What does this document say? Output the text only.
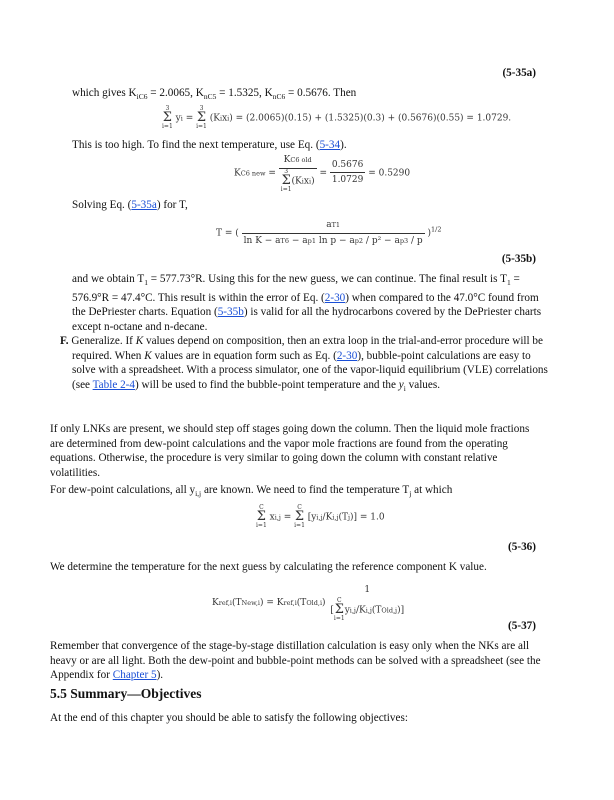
(5-35a)
which gives $K_{iC6} = 2.0065$, $K_{nC5} = 1.5325$, $K_{nC6} = 0.5676$. Then
3
Σ
i=1 yi = 3
Σ
i=1 (Kixi) = (2.0065)(0.15) + (1.5325)(0.3) + (0.5676)(0.55) = 1.0729.
This is too high. To find the next temperature, use Eq. (5-34).
KC6 new = KC6 old
3
Σ
i=1(Kixi) = $\frac{0.5676}{1.0729} = 0.5290$
Solving Eq. (5-35a) for T,
T = ( $\frac{aT1}{\text{ln K − aT6 − ap1 ln p − ap2 / p² − ap3 / p}} )^{1/2}$
(5-35b)
and we obtain $T_1 = 577.73^\circ R$. Using this for the new guess, we can continue. The final result is $T_1 = 576.9^\circ R = 47.4^\circ C$. This result is within the error of Eq. (2-30) when compared to the 47.0°C found from the DePriester charts. Equation (5-35b) is valid for all the hydrocarbons covered by the DePriester charts except n-octane and n-decane.
F. Generalize. If K values depend on composition, then an extra loop in the trial-and-error procedure will be required. When K values are in equation form such as Eq. (2-30), bubble-point calculations are easy to solve with a spreadsheet. With a process simulator, one of the vapor-liquid equilibrium (VLE) correlations (see Table 2-4) will be used to find the bubble-point temperature and the $y_i$ values.
If only LNKs are present, we should step off stages going down the column. Then the liquid mole fractions are determined from dew-point calculations and the vapor mole fractions are found from the operating equations. Otherwise, the procedure is very similar to going down the column with constant relative volatilities.
For dew-point calculations, all $y_{i,j}$ are known. We need to find the temperature $T_j$ at which
C
Σ
i=1 xi,j = C
Σ
i=1 [yi,j/Ki,j(Tj)] = 1.0
(5-36)
We determine the temperature for the next guess by calculating the reference component K value.
Kref,i(TNew,i) = Kref,i(TOld,i)
1
[C
Σ
i=1yi,j/Ki,j(TOld,j)]
(5-37)
Remember that convergence of the stage-by-stage distillation calculation is easy only when the NKs are all heavy or are all light. Both the dew-point and bubble-point methods can be solved with a spreadsheet (see the Appendix for Chapter 5).
5.5 Summary—Objectives
At the end of this chapter you should be able to satisfy the following objectives:
